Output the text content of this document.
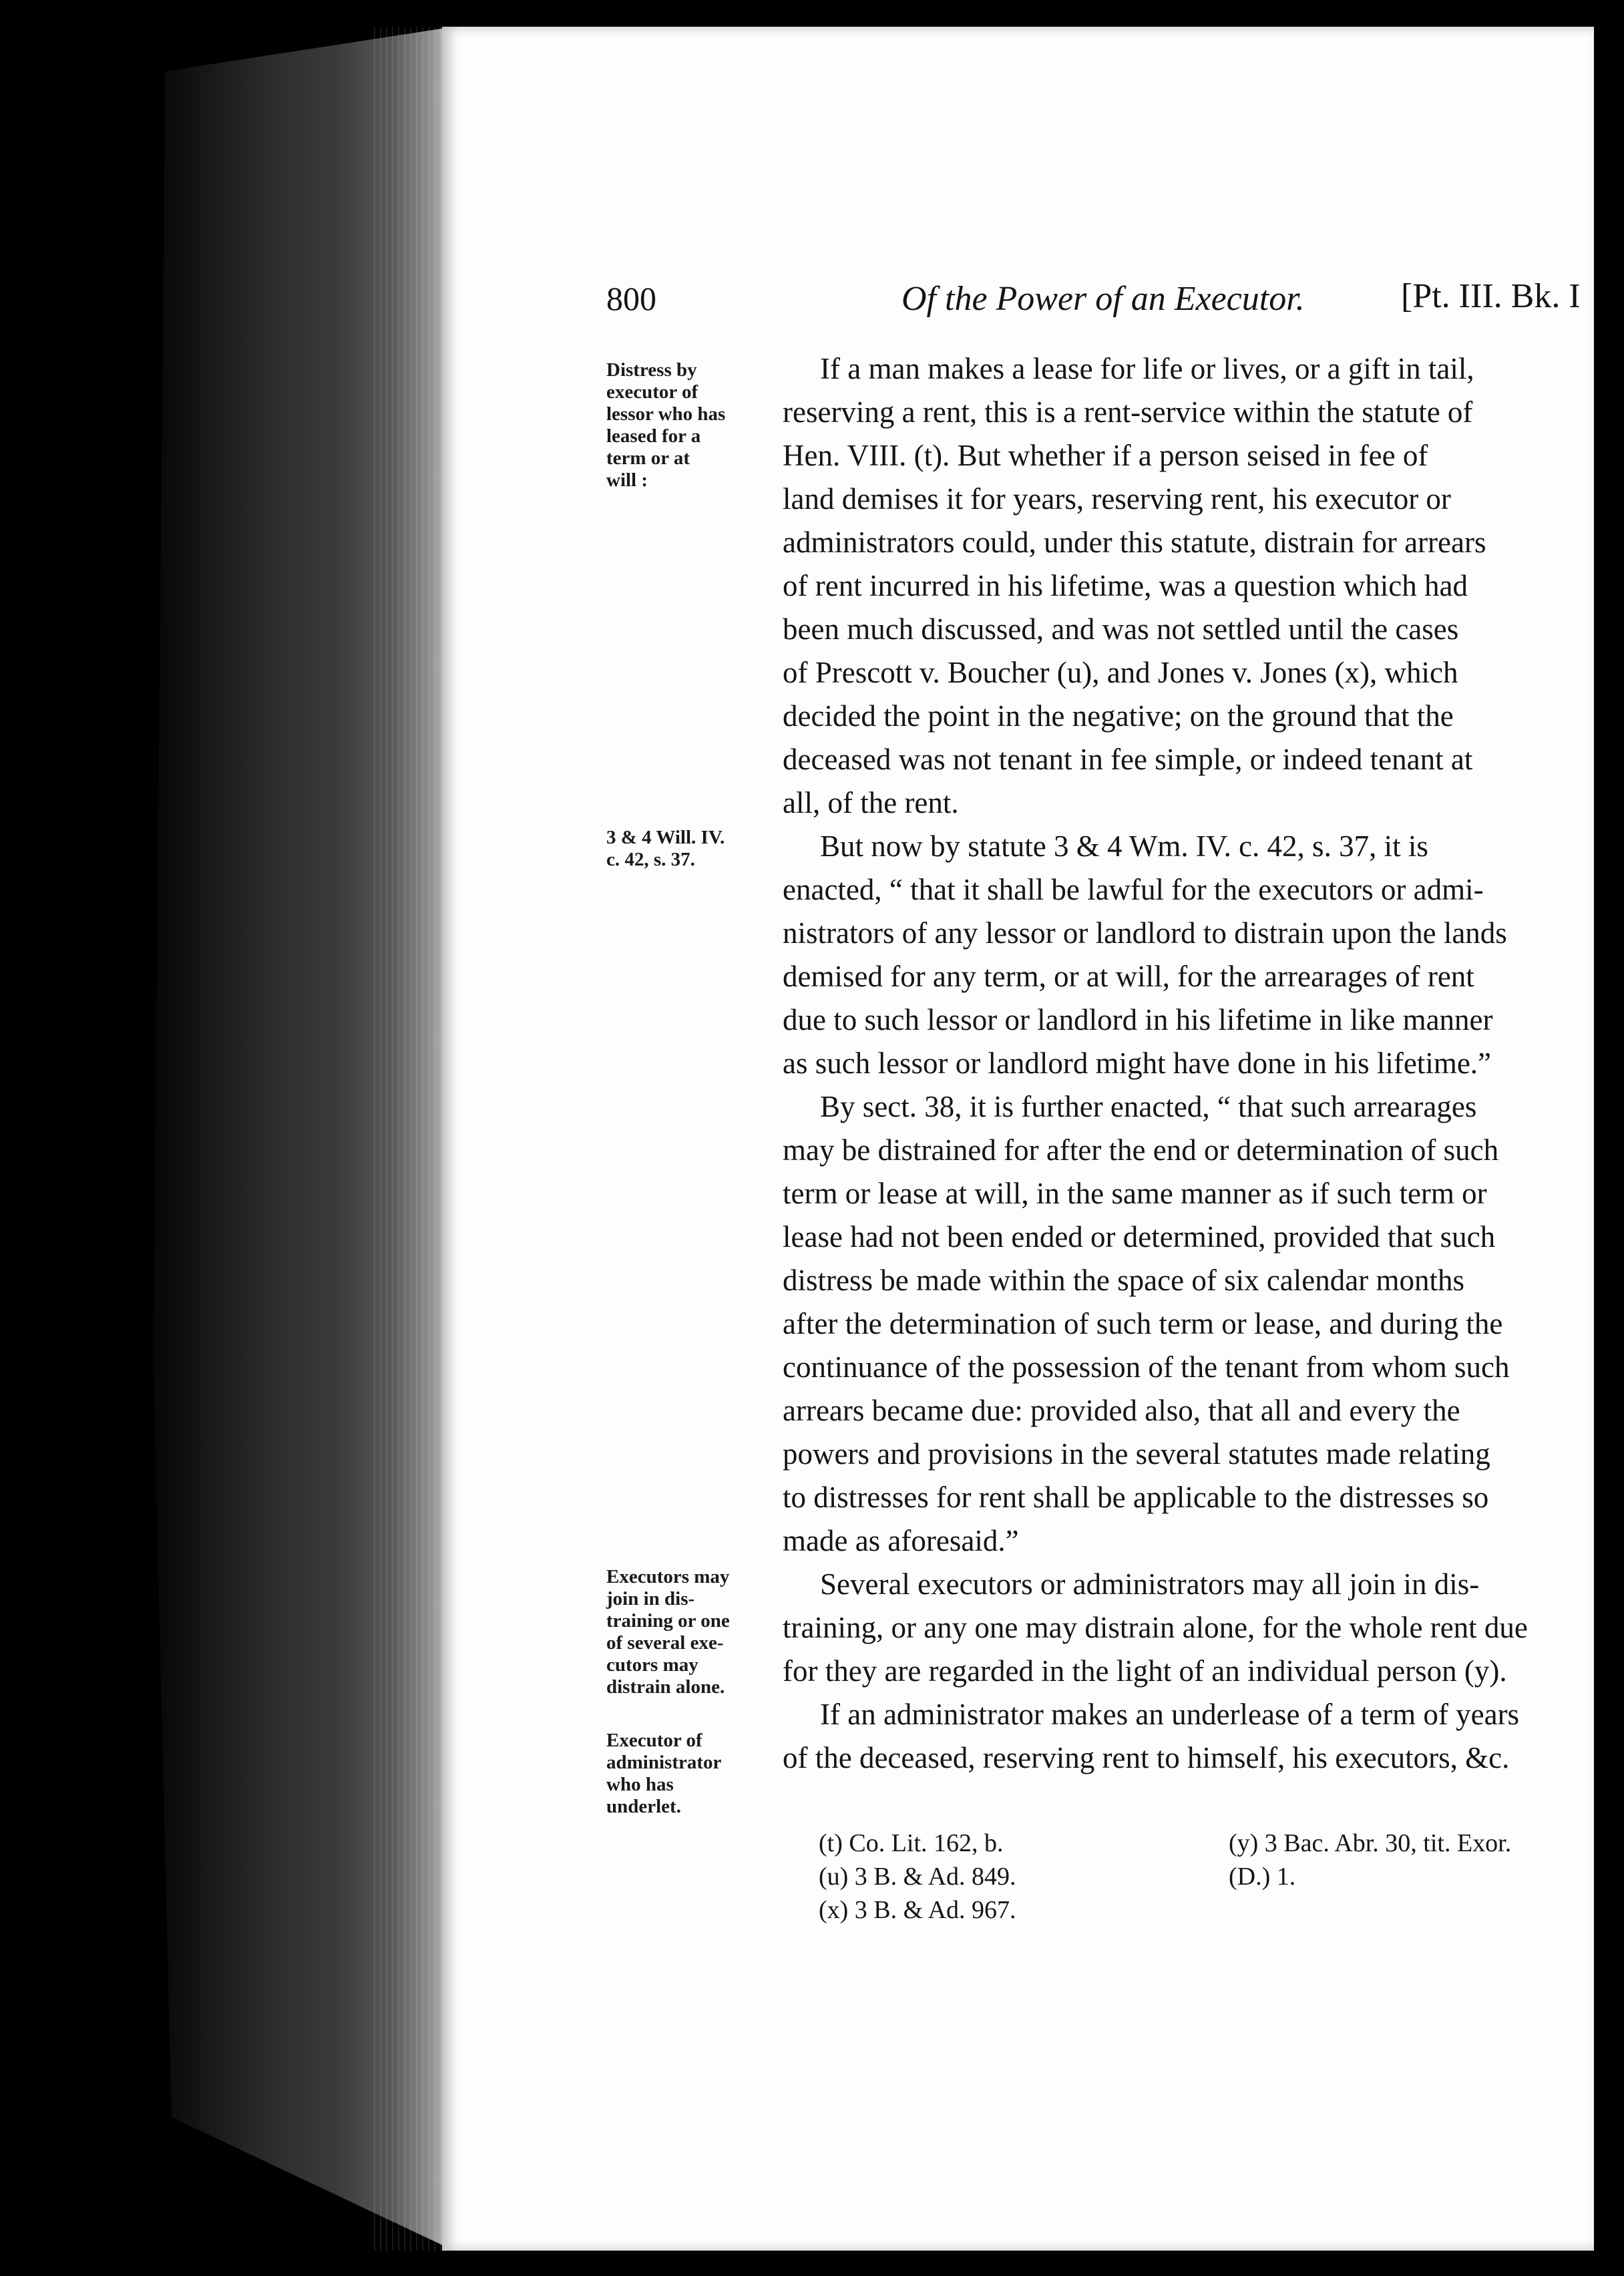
800	Of the Power of an Executor.	[Pt. III. Bk. I
Distress by
executor of
lessor who has
leased for a
term or at
will :
3 & 4 Will. IV.
c. 42, s. 37.
Executors may
join in dis-
training or one
of several exe-
cutors may
distrain alone.
Executor of
administrator
who has
underlet.
If a man makes a lease for life or lives, or a gift in tail,
reserving a rent, this is a rent-service within the statute of
Hen. VIII. (t). But whether if a person seised in fee of
land demises it for years, reserving rent, his executor or
administrators could, under this statute, distrain for arrears
of rent incurred in his lifetime, was a question which had
been much discussed, and was not settled until the cases
of Prescott v. Boucher (u), and Jones v. Jones (x), which
decided the point in the negative; on the ground that the
deceased was not tenant in fee simple, or indeed tenant at
all, of the rent.
But now by statute 3 & 4 Wm. IV. c. 42, s. 37, it is
enacted, “ that it shall be lawful for the executors or admi-
nistrators of any lessor or landlord to distrain upon the lands
demised for any term, or at will, for the arrearages of rent
due to such lessor or landlord in his lifetime in like manner
as such lessor or landlord might have done in his lifetime.”
By sect. 38, it is further enacted, “ that such arrearages
may be distrained for after the end or determination of such
term or lease at will, in the same manner as if such term or
lease had not been ended or determined, provided that such
distress be made within the space of six calendar months
after the determination of such term or lease, and during the
continuance of the possession of the tenant from whom such
arrears became due: provided also, that all and every the
powers and provisions in the several statutes made relating
to distresses for rent shall be applicable to the distresses so
made as aforesaid.”
Several executors or administrators may all join in dis-
training, or any one may distrain alone, for the whole rent due
for they are regarded in the light of an individual person (y).
If an administrator makes an underlease of a term of years
of the deceased, reserving rent to himself, his executors, &c.
(t) Co. Lit. 162, b.
(u) 3 B. & Ad. 849.
(x) 3 B. & Ad. 967.
(y) 3 Bac. Abr. 30, tit. Exor.
(D.) 1.
